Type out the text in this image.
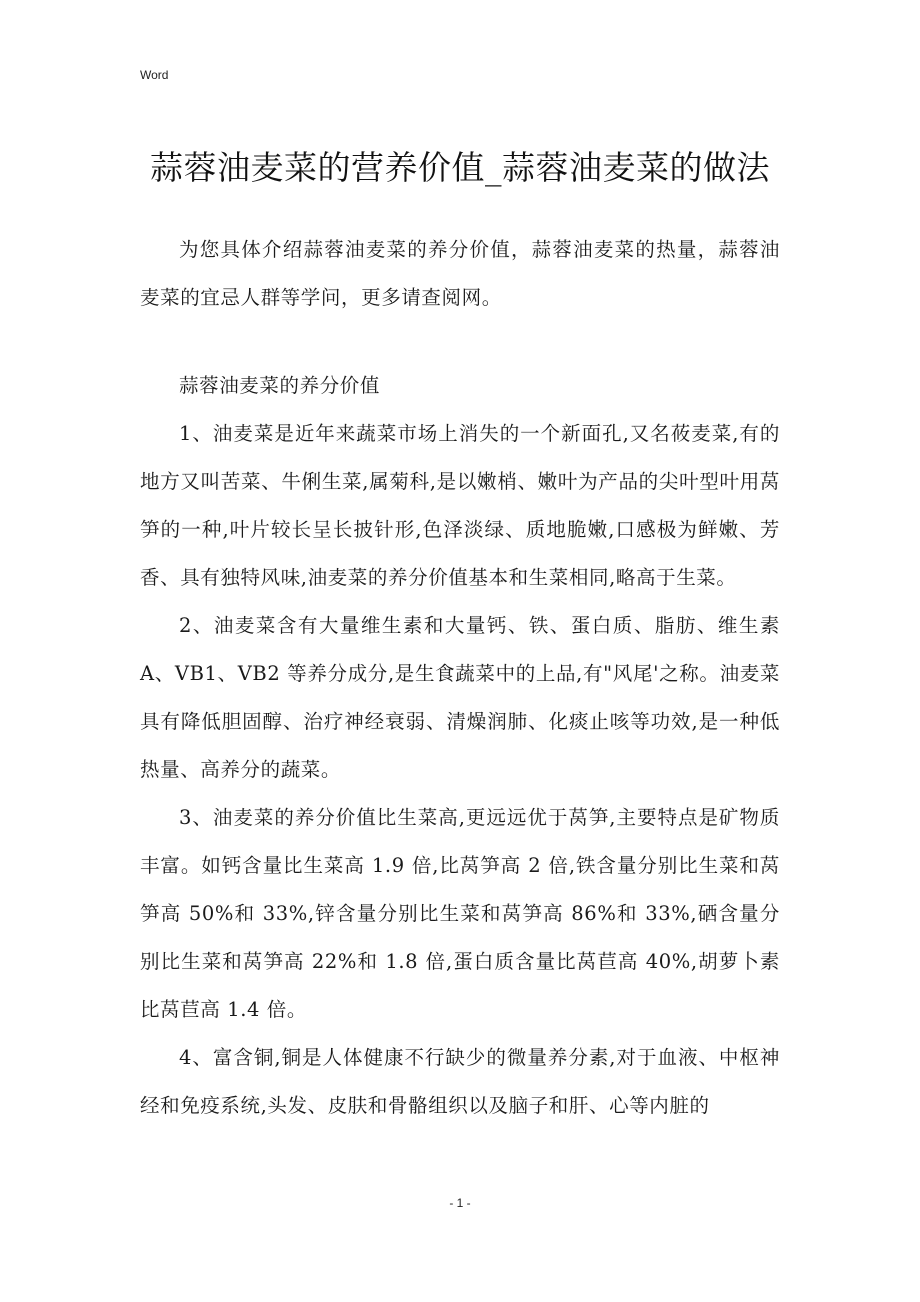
Word
蒜蓉油麦菜的营养价值_蒜蓉油麦菜的做法

为您具体介绍蒜蓉油麦菜的养分价值，蒜蓉油麦菜的热量，蒜蓉油麦菜的宜忌人群等学问，更多请查阅网。

蒜蓉油麦菜的养分价值

1、油麦菜是近年来蔬菜市场上消失的一个新面孔,又名莜麦菜,有的地方又叫苦菜、牛俐生菜,属菊科,是以嫩梢、嫩叶为产品的尖叶型叶用莴笋的一种,叶片较长呈长披针形,色泽淡绿、质地脆嫩,口感极为鲜嫩、芳香、具有独特风味,油麦菜的养分价值基本和生菜相同,略高于生菜。

2、油麦菜含有大量维生素和大量钙、铁、蛋白质、脂肪、维生素 A、VB1、VB2 等养分成分,是生食蔬菜中的上品,有"风尾'之称。油麦菜具有降低胆固醇、治疗神经衰弱、清燥润肺、化痰止咳等功效,是一种低热量、高养分的蔬菜。

3、油麦菜的养分价值比生菜高,更远远优于莴笋,主要特点是矿物质丰富。如钙含量比生菜高 1.9 倍,比莴笋高 2 倍,铁含量分别比生菜和莴笋高 50%和 33%,锌含量分别比生菜和莴笋高 86%和 33%,硒含量分别比生菜和莴笋高 22%和 1.8 倍,蛋白质含量比莴苣高 40%,胡萝卜素比莴苣高 1.4 倍。

4、富含铜,铜是人体健康不行缺少的微量养分素,对于血液、中枢神经和免疫系统,头发、皮肤和骨骼组织以及脑子和肝、心等内脏的

- 1 -
